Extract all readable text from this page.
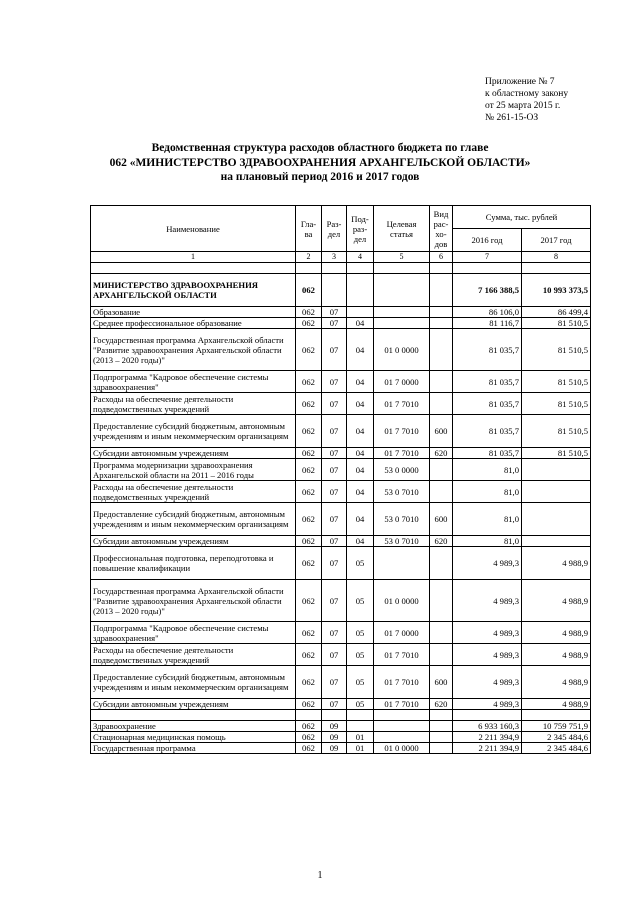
Приложение № 7
к областному закону
от 25 марта 2015 г.
№ 261-15-ОЗ
Ведомственная структура расходов областного бюджета по главе
062 «МИНИСТЕРСТВО ЗДРАВООХРАНЕНИЯ АРХАНГЕЛЬСКОЙ ОБЛАСТИ»
на плановый период 2016 и 2017 годов
Наименование	Гла-ва	Раз-дел	Под-раз-дел	Целевая статья	Вид рас-хо-дов	Сумма, тыс. рублей	
						2016 год	2017 год
1	2	3	4	5	6	7	8

МИНИСТЕРСТВО ЗДРАВООХРАНЕНИЯ АРХАНГЕЛЬСКОЙ ОБЛАСТИ	062					7 166 388,5	10 993 373,5
Образование	062	07				86 106,0	86 499,4
Среднее профессиональное образование	062	07	04			81 116,7	81 510,5
Государственная программа Архангельской области "Развитие здравоохранения Архангельской области (2013 – 2020 годы)"	062	07	04	01 0 0000		81 035,7	81 510,5
Подпрограмма "Кадровое обеспечение системы здравоохранения"	062	07	04	01 7 0000		81 035,7	81 510,5
Расходы на обеспечение деятельности подведомственных учреждений	062	07	04	01 7 7010		81 035,7	81 510,5
Предоставление субсидий бюджетным, автономным учреждениям и иным некоммерческим организациям	062	07	04	01 7 7010	600	81 035,7	81 510,5
Субсидии автономным учреждениям	062	07	04	01 7 7010	620	81 035,7	81 510,5
Программа модернизации здравоохранения Архангельской области на 2011 – 2016 годы	062	07	04	53 0 0000		81,0	
Расходы на обеспечение деятельности подведомственных учреждений	062	07	04	53 0 7010		81,0	
Предоставление субсидий бюджетным, автономным учреждениям и иным некоммерческим организациям	062	07	04	53 0 7010	600	81,0	
Субсидии автономным учреждениям	062	07	04	53 0 7010	620	81,0	
Профессиональная подготовка, переподготовка и повышение квалификации	062	07	05			4 989,3	4 988,9
Государственная программа Архангельской области "Развитие здравоохранения Архангельской области (2013 – 2020 годы)"	062	07	05	01 0 0000		4 989,3	4 988,9
Подпрограмма "Кадровое обеспечение системы здравоохранения"	062	07	05	01 7 0000		4 989,3	4 988,9
Расходы на обеспечение деятельности подведомственных учреждений	062	07	05	01 7 7010		4 989,3	4 988,9
Предоставление субсидий бюджетным, автономным учреждениям и иным некоммерческим организациям	062	07	05	01 7 7010	600	4 989,3	4 988,9
Субсидии автономным учреждениям	062	07	05	01 7 7010	620	4 989,3	4 988,9

Здравоохранение	062	09				6 933 160,3	10 759 751,9
Стационарная медицинская помощь	062	09	01			2 211 394,9	2 345 484,6
Государственная программа	062	09	01	01 0 0000		2 211 394,9	2 345 484,6
1
